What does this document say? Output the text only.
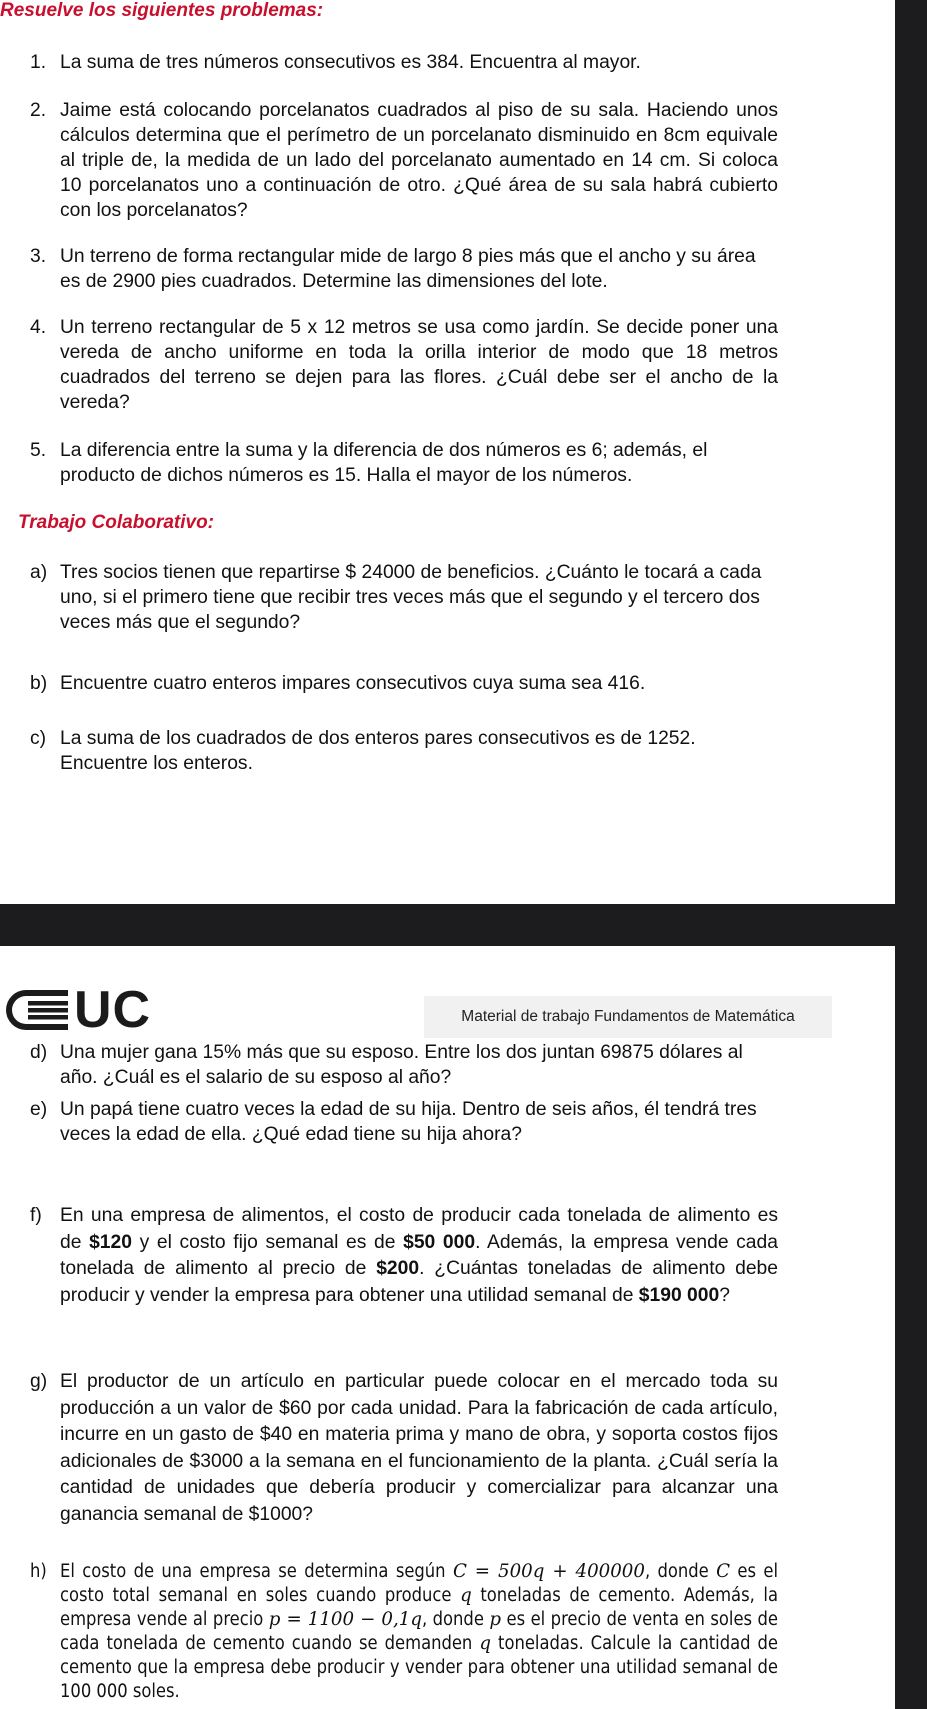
Resuelve los siguientes problemas:
1. La suma de tres números consecutivos es 384. Encuentra al mayor.
2. Jaime está colocando porcelanatos cuadrados al piso de su sala. Haciendo unos cálculos determina que el perímetro de un porcelanato disminuido en 8cm equivale al triple de, la medida de un lado del porcelanato aumentado en 14 cm. Si coloca 10 porcelanatos uno a continuación de otro. ¿Qué área de su sala habrá cubierto con los porcelanatos?
3. Un terreno de forma rectangular mide de largo 8 pies más que el ancho y su área es de 2900 pies cuadrados. Determine las dimensiones del lote.
4. Un terreno rectangular de 5 x 12 metros se usa como jardín. Se decide poner una vereda de ancho uniforme en toda la orilla interior de modo que 18 metros cuadrados del terreno se dejen para las flores. ¿Cuál debe ser el ancho de la vereda?
5. La diferencia entre la suma y la diferencia de dos números es 6; además, el producto de dichos números es 15. Halla el mayor de los números.
Trabajo Colaborativo:
a) Tres socios tienen que repartirse $ 24000 de beneficios. ¿Cuánto le tocará a cada uno, si el primero tiene que recibir tres veces más que el segundo y el tercero dos veces más que el segundo?
b) Encuentre cuatro enteros impares consecutivos cuya suma sea 416.
c) La suma de los cuadrados de dos enteros pares consecutivos es de 1252. Encuentre los enteros.
UC	Material de trabajo Fundamentos de Matemática
d) Una mujer gana 15% más que su esposo. Entre los dos juntan 69875 dólares al año. ¿Cuál es el salario de su esposo al año?
e) Un papá tiene cuatro veces la edad de su hija. Dentro de seis años, él tendrá tres veces la edad de ella. ¿Qué edad tiene su hija ahora?
f) En una empresa de alimentos, el costo de producir cada tonelada de alimento es de $120 y el costo fijo semanal es de $50 000. Además, la empresa vende cada tonelada de alimento al precio de $200. ¿Cuántas toneladas de alimento debe producir y vender la empresa para obtener una utilidad semanal de $190 000?
g) El productor de un artículo en particular puede colocar en el mercado toda su producción a un valor de $60 por cada unidad. Para la fabricación de cada artículo, incurre en un gasto de $40 en materia prima y mano de obra, y soporta costos fijos adicionales de $3000 a la semana en el funcionamiento de la planta. ¿Cuál sería la cantidad de unidades que debería producir y comercializar para alcanzar una ganancia semanal de $1000?
h) El costo de una empresa se determina según C = 500q + 400000, donde C es el costo total semanal en soles cuando produce q toneladas de cemento. Además, la empresa vende al precio p = 1100 − 0,1q, donde p es el precio de venta en soles de cada tonelada de cemento cuando se demanden q toneladas. Calcule la cantidad de cemento que la empresa debe producir y vender para obtener una utilidad semanal de 100 000 soles.
